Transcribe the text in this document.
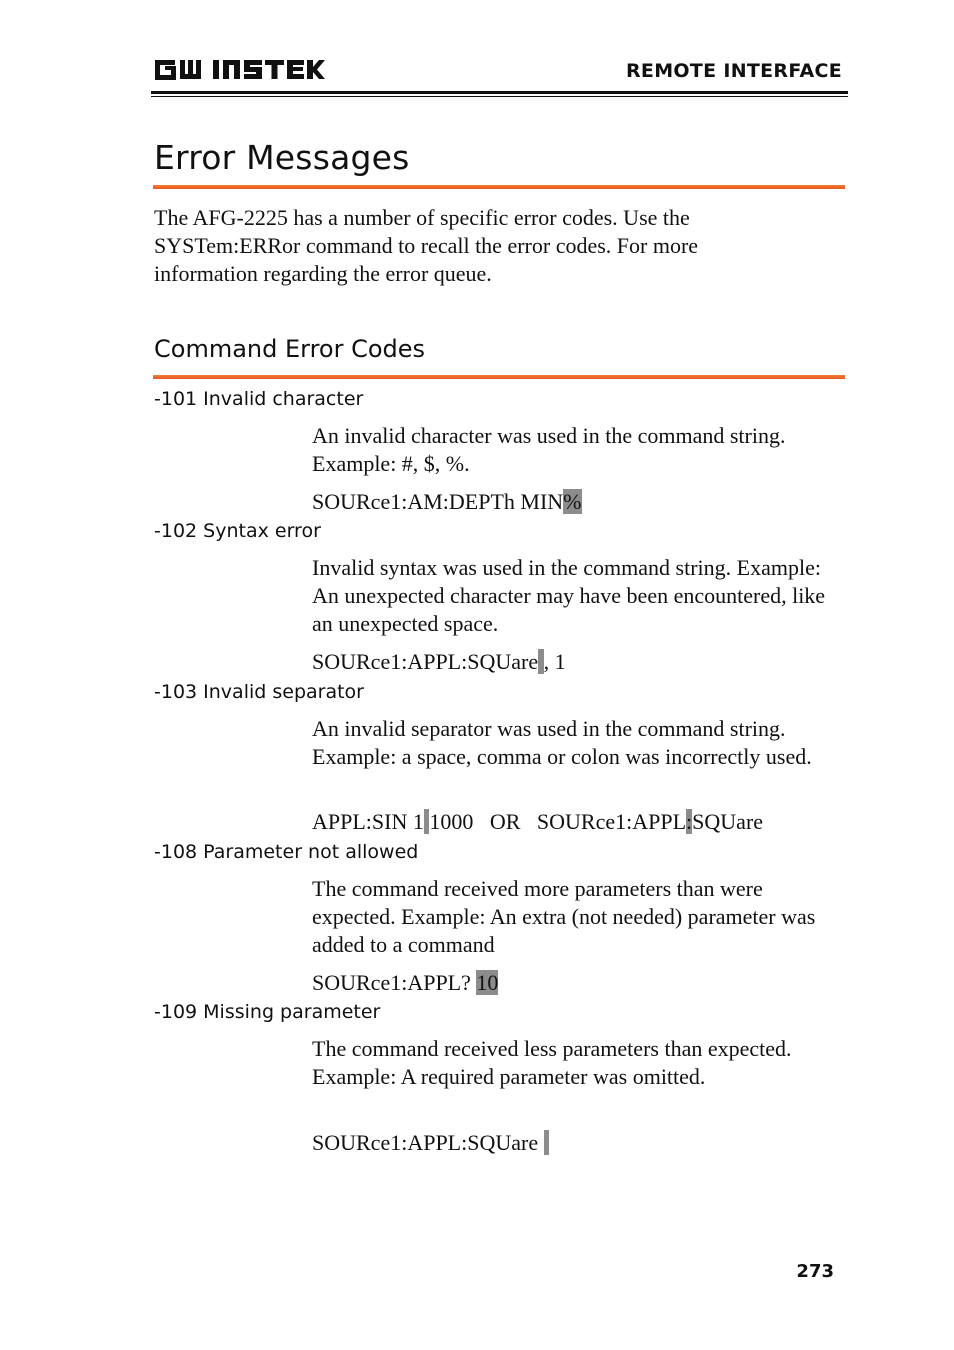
REMOTE INTERFACE
Error Messages

The AFG-2225 has a number of specific error codes. Use the SYSTem:ERRor command to recall the error codes. For more information regarding the error queue.

Command Error Codes
-101 Invalid character
An invalid character was used in the command string. Example: #, $, %.
SOURce1:AM:DEPTh MIN%
-102 Syntax error
Invalid syntax was used in the command string. Example: An unexpected character may have been encountered, like an unexpected space.
SOURce1:APPL:SQUare , 1
-103 Invalid separator
An invalid separator was used in the command string. Example: a space, comma or colon was incorrectly used.
APPL:SIN 1 1000   OR   SOURce1:APPL:SQUare
-108 Parameter not allowed
The command received more parameters than were expected. Example: An extra (not needed) parameter was added to a command
SOURce1:APPL? 10
-109 Missing parameter
The command received less parameters than expected. Example: A required parameter was omitted.
SOURce1:APPL:SQUare
273
